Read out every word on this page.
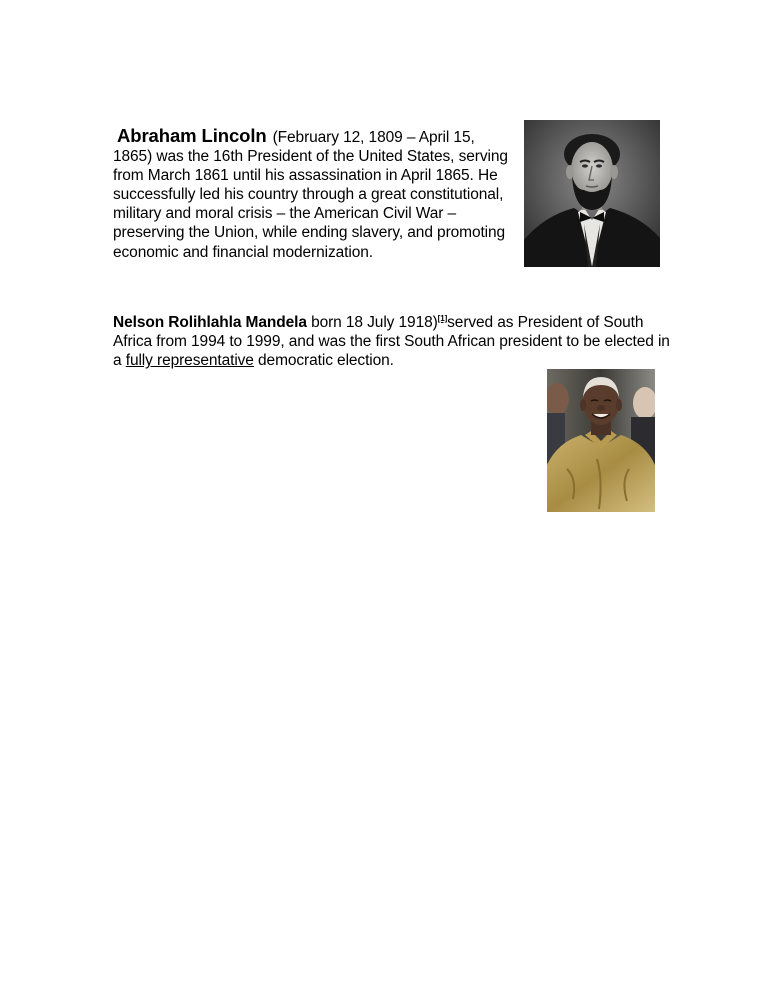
Abraham Lincoln (February 12, 1809 – April 15, 1865) was the 16th President of the United States, serving from March 1861 until his assassination in April 1865. He successfully led his country through a great constitutional, military and moral crisis – the American Civil War – preserving the Union, while ending slavery, and promoting economic and financial modernization.

Nelson Rolihlahla Mandela born 18 July 1918)[1]served as President of South Africa from 1994 to 1999, and was the first South African president to be elected in a fully representative democratic election.
